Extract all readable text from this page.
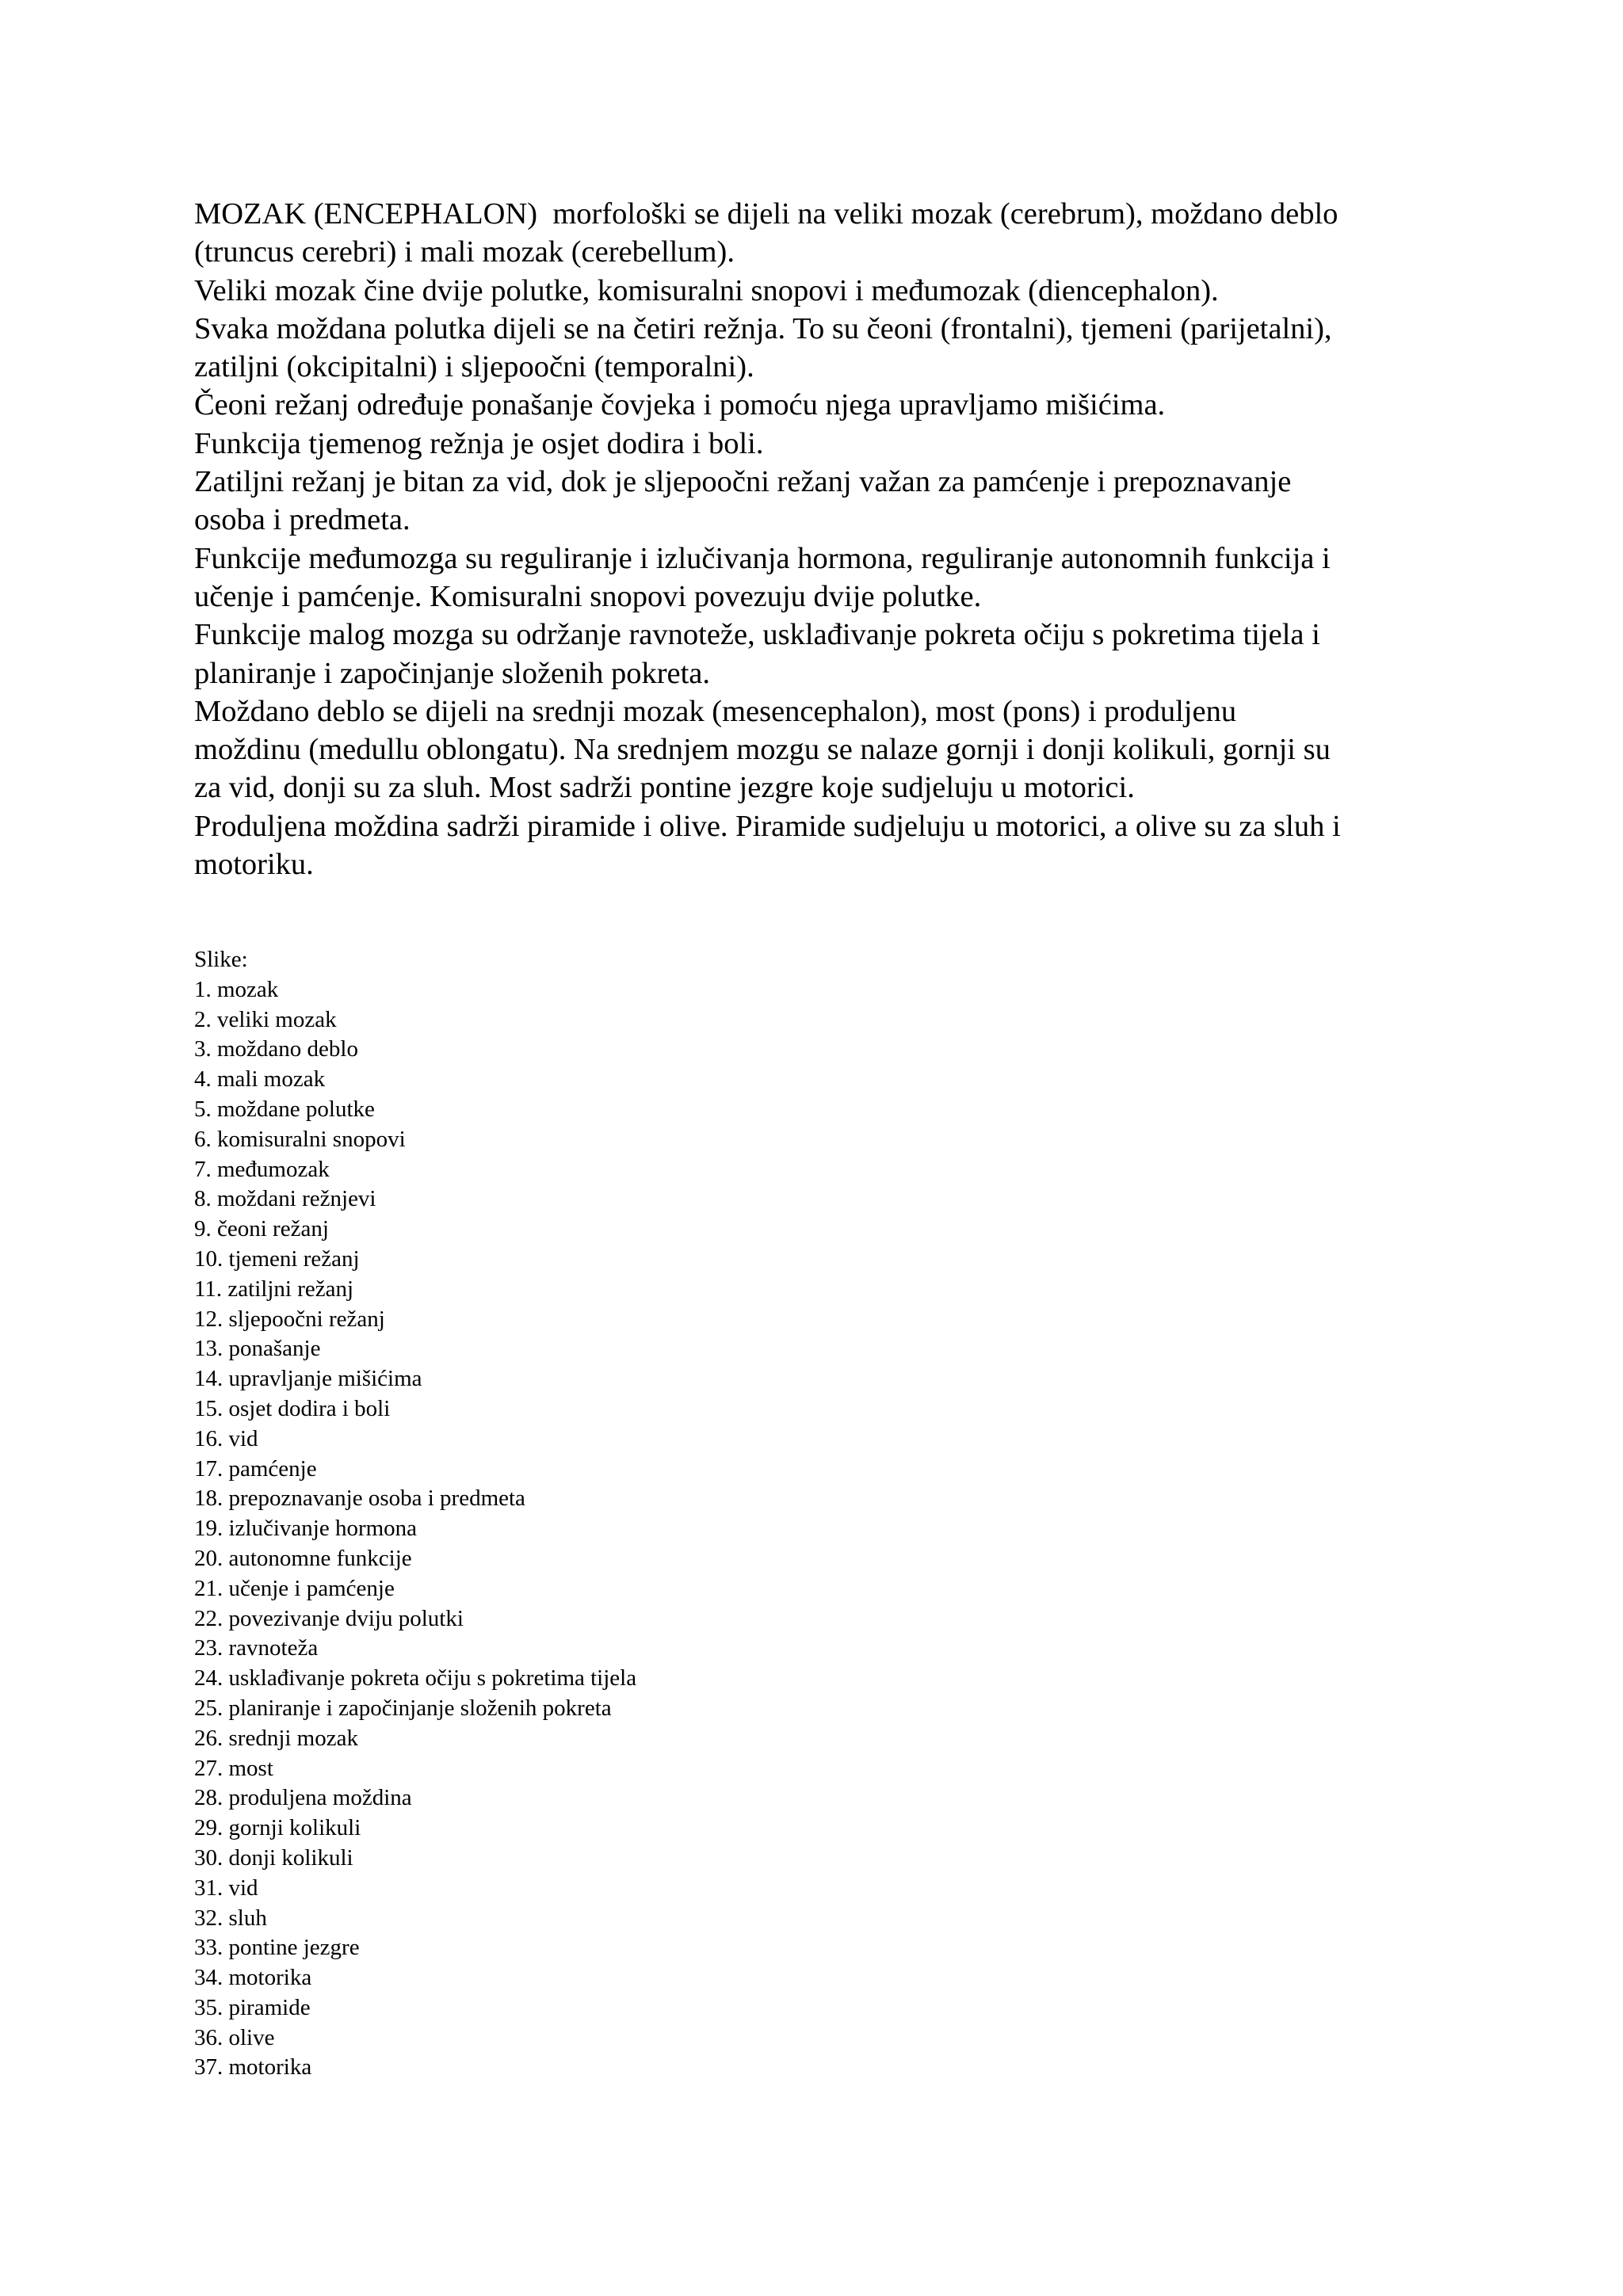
MOZAK (ENCEPHALON)  morfološki se dijeli na veliki mozak (cerebrum), moždano deblo
(truncus cerebri) i mali mozak (cerebellum).
Veliki mozak čine dvije polutke, komisuralni snopovi i međumozak (diencephalon).
Svaka moždana polutka dijeli se na četiri režnja. To su čeoni (frontalni), tjemeni (parijetalni),
zatiljni (okcipitalni) i sljepoočni (temporalni).
Čeoni režanj određuje ponašanje čovjeka i pomoću njega upravljamo mišićima.
Funkcija tjemenog režnja je osjet dodira i boli.
Zatiljni režanj je bitan za vid, dok je sljepoočni režanj važan za pamćenje i prepoznavanje
osoba i predmeta.
Funkcije međumozga su reguliranje i izlučivanja hormona, reguliranje autonomnih funkcija i
učenje i pamćenje. Komisuralni snopovi povezuju dvije polutke.
Funkcije malog mozga su održanje ravnoteže, usklađivanje pokreta očiju s pokretima tijela i
planiranje i započinjanje složenih pokreta.
Moždano deblo se dijeli na srednji mozak (mesencephalon), most (pons) i produljenu
moždinu (medullu oblongatu). Na srednjem mozgu se nalaze gornji i donji kolikuli, gornji su
za vid, donji su za sluh. Most sadrži pontine jezgre koje sudjeluju u motorici.
Produljena moždina sadrži piramide i olive. Piramide sudjeluju u motorici, a olive su za sluh i
motoriku.
Slike:
1. mozak
2. veliki mozak
3. moždano deblo
4. mali mozak
5. moždane polutke
6. komisuralni snopovi
7. međumozak
8. moždani režnjevi
9. čeoni režanj
10. tjemeni režanj
11. zatiljni režanj
12. sljepoočni režanj
13. ponašanje
14. upravljanje mišićima
15. osjet dodira i boli
16. vid
17. pamćenje
18. prepoznavanje osoba i predmeta
19. izlučivanje hormona
20. autonomne funkcije
21. učenje i pamćenje
22. povezivanje dviju polutki
23. ravnoteža
24. usklađivanje pokreta očiju s pokretima tijela
25. planiranje i započinjanje složenih pokreta
26. srednji mozak
27. most
28. produljena moždina
29. gornji kolikuli
30. donji kolikuli
31. vid
32. sluh
33. pontine jezgre
34. motorika
35. piramide
36. olive
37. motorika
